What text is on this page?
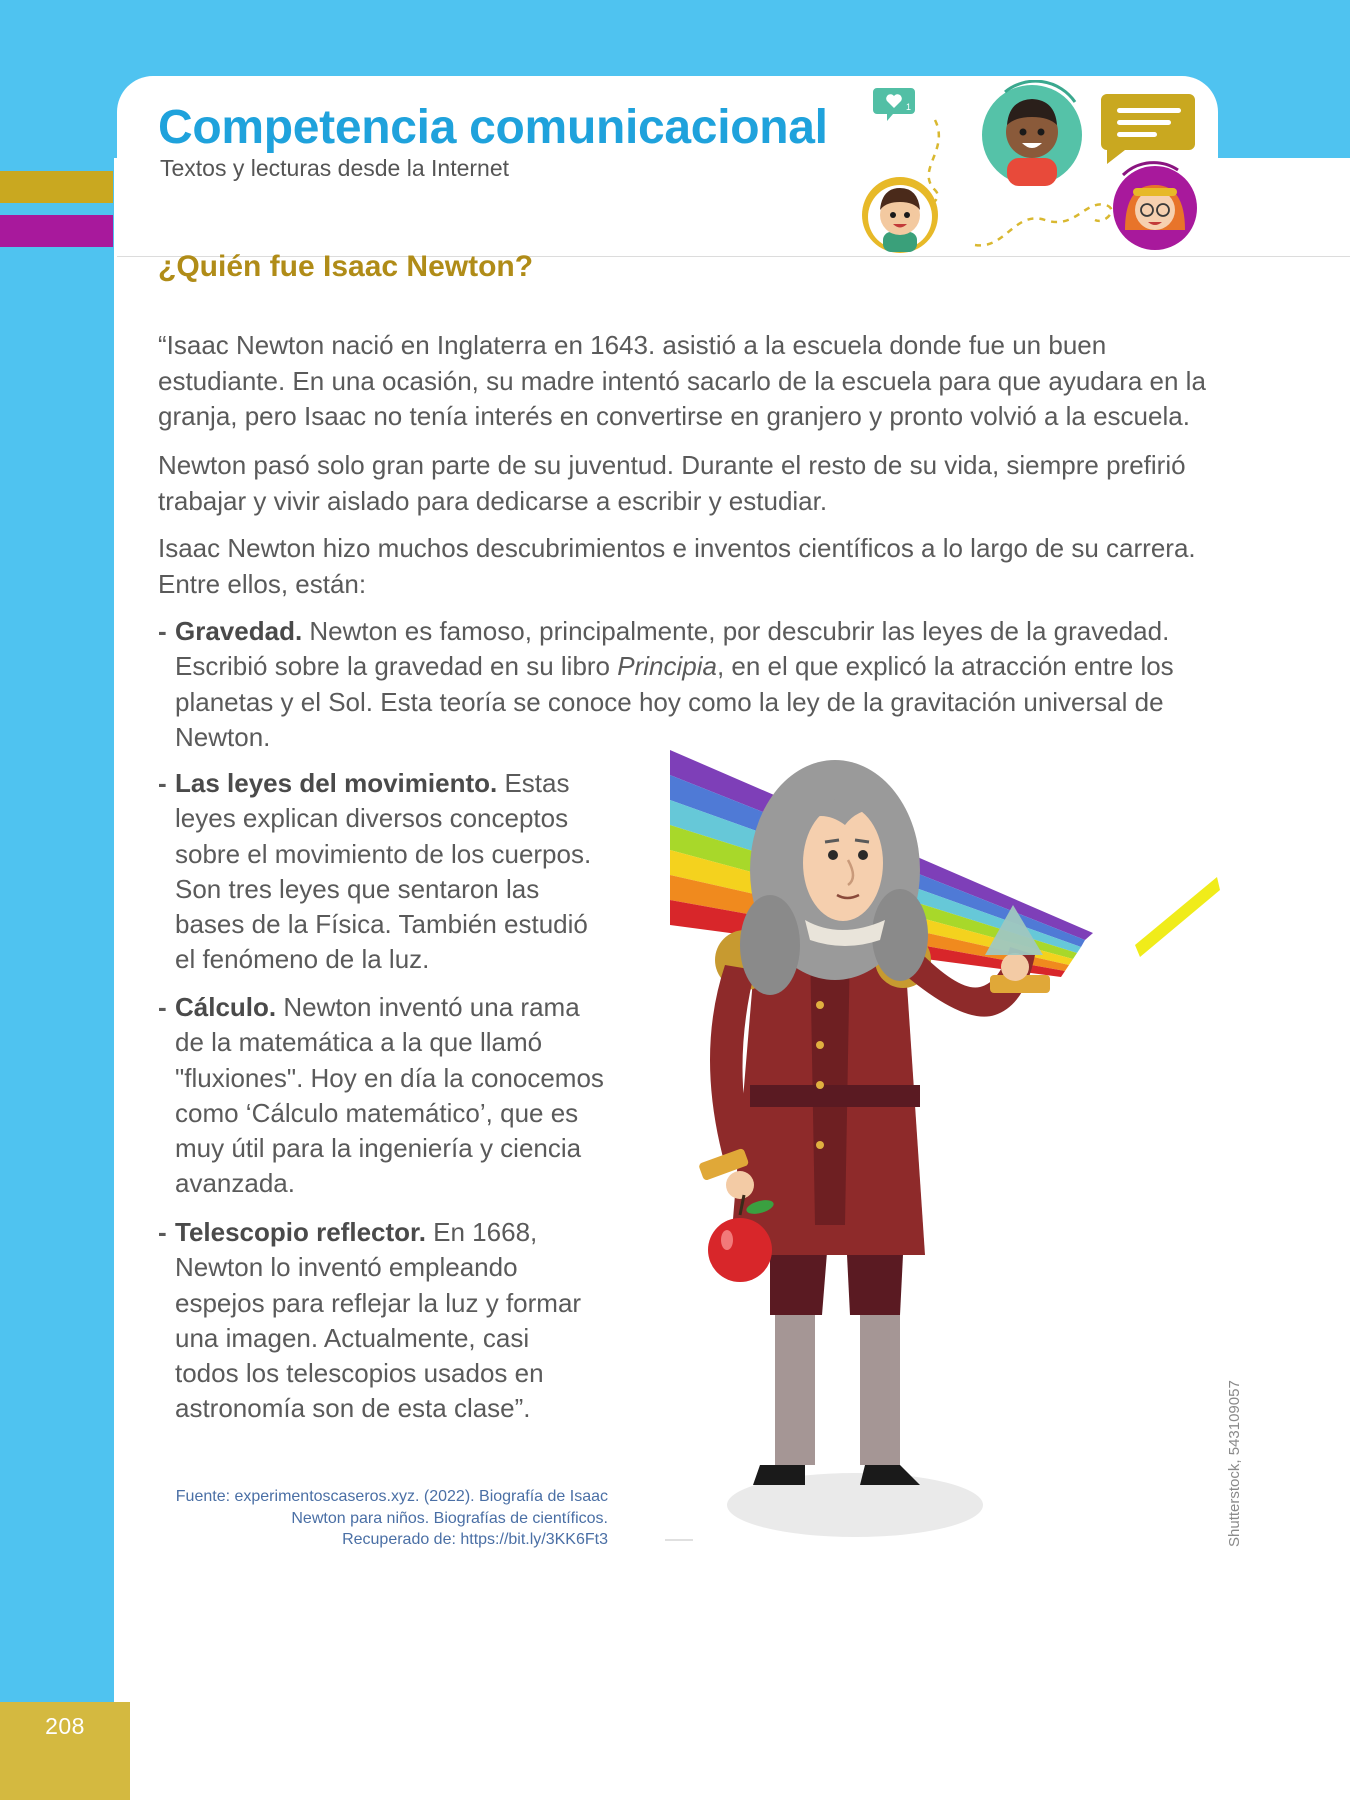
Competencia comunicacional

Textos y lecturas desde la Internet

1
¿Quién fue Isaac Newton?

“Isaac Newton nació en Inglaterra en 1643. asistió a la escuela donde fue un buen estudiante. En una ocasión, su madre intentó sacarlo de la escuela para que ayudara en la granja, pero Isaac no tenía interés en convertirse en granjero y pronto volvió a la escuela.

Newton pasó solo gran parte de su juventud. Durante el resto de su vida, siempre prefirió trabajar y vivir aislado para dedicarse a escribir y estudiar.

Isaac Newton hizo muchos descubrimientos e inventos científicos a lo largo de su carrera. Entre ellos, están:

- Gravedad. Newton es famoso, principalmente, por descubrir las leyes de la gravedad. Escribió sobre la gravedad en su libro Principia, en el que explicó la atracción entre los planetas y el Sol. Esta teoría se conoce hoy como la ley de la gravitación universal de Newton.
- Las leyes del movimiento. Estas leyes explican diversos conceptos sobre el movimiento de los cuerpos. Son tres leyes que sentaron las bases de la Física. También estudió el fenómeno de la luz.
- Cálculo. Newton inventó una rama de la matemática a la que llamó "fluxiones". Hoy en día la conocemos como ‘Cálculo matemático’, que es muy útil para la ingeniería y ciencia avanzada.
- Telescopio reflector. En 1668, Newton lo inventó empleando espejos para reflejar la luz y formar una imagen. Actualmente, casi todos los telescopios usados en astronomía son de esta clase”.

Fuente: experimentoscaseros.xyz. (2022). Biografía de Isaac
Newton para niños. Biografías de científicos.
Recuperado de: https://bit.ly/3KK6Ft3	Shutterstock, 543109057

208
